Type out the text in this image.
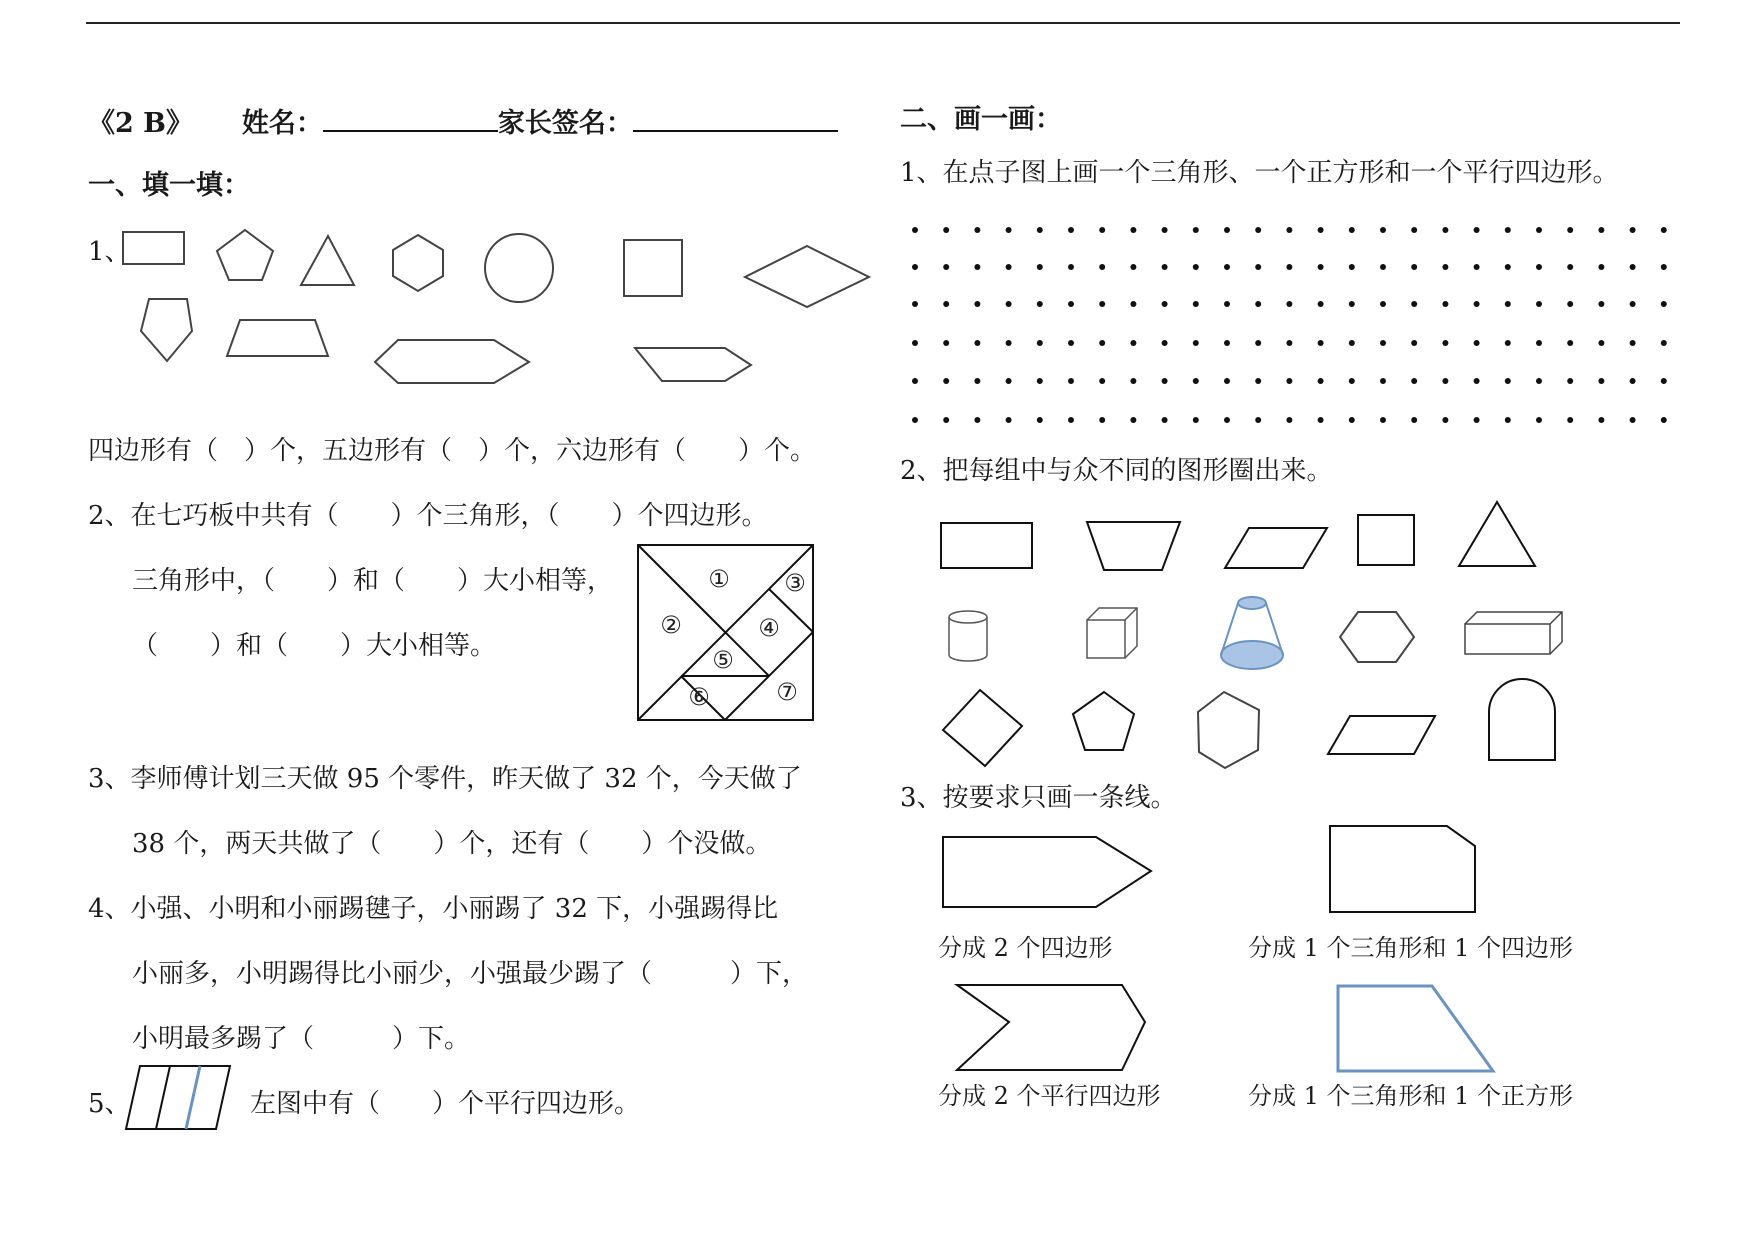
《2 B》 姓名：	家长签名：
一、填一填：
1、
四边形有（　）个，五边形有（　）个，六边形有（　　）个。
2、在七巧板中共有（　　）个三角形，（　　）个四边形。
三角形中，（　　）和（　　）大小相等，
（　　）和（　　）大小相等。
3、李师傅计划三天做 95 个零件，昨天做了 32 个，今天做了
38 个，两天共做了（　　）个，还有（　　）个没做。
4、小强、小明和小丽踢毽子，小丽踢了 32 下，小强踢得比
小丽多，小明踢得比小丽少，小强最少踢了（　　　）下，
小明最多踢了（　　　）下。
5、	左图中有（　　）个平行四边形。
二、画一画：
1、在点子图上画一个三角形、一个正方形和一个平行四边形。
2、把每组中与众不同的图形圈出来。
3、按要求只画一条线。
分成 2 个四边形	分成 1 个三角形和 1 个四边形
分成 2 个平行四边形	分成 1 个三角形和 1 个正方形
①
②
③
④
⑤
⑥	⑦
